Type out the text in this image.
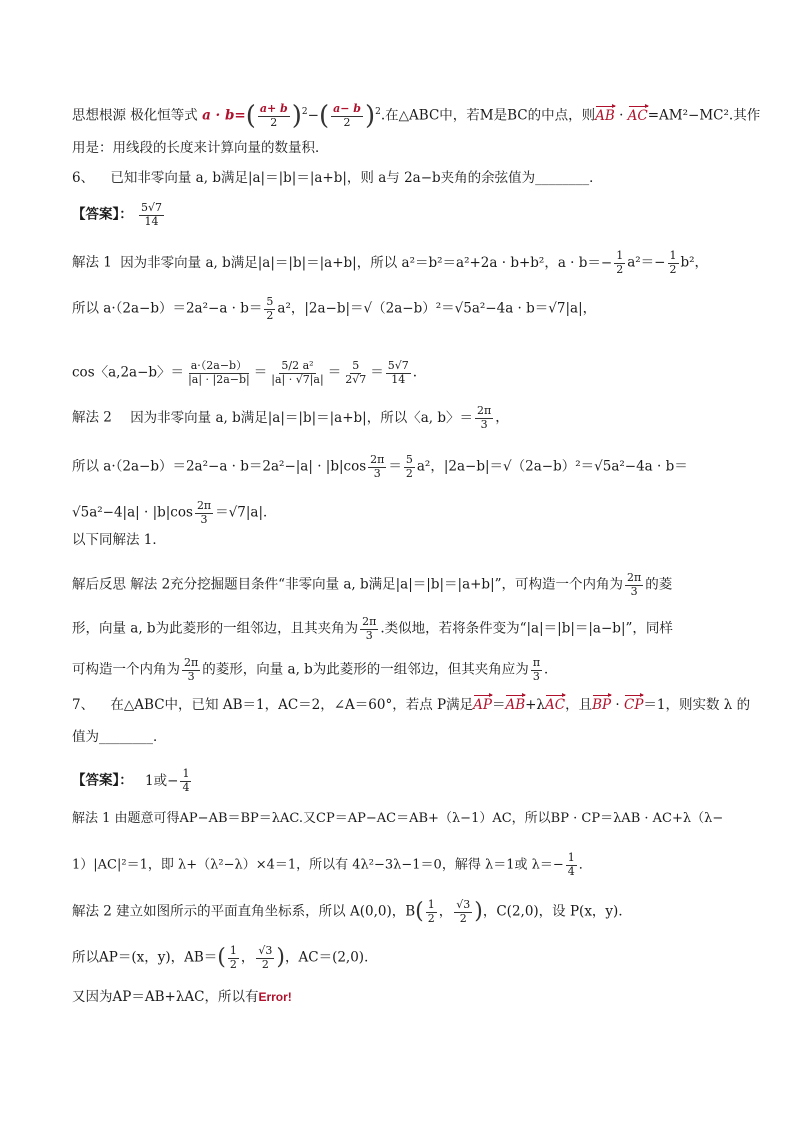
思想根源 极化恒等式 $a \cdot b=( \frac{a+ b}{2} )^2-( \frac{a- b}{2} )^2$.在△ABC中，若M是BC的中点，则AB · AC=AM²−MC².其作
用是：用线段的长度来计算向量的数量积．
6、 已知非零向量 a, b满足|a|＝|b|＝|a+b|，则 a与 2a−b夹角的余弦值为________．
【答案】： $\frac{5√7}{14}$
解法 1 因为非零向量 a, b满足|a|＝|b|＝|a+b|，所以 a²＝b²＝a²+2a · b+b²，$a \cdot b=- \frac{1}{2} a^2=- \frac{1}{2} b^2$，
所以 $a\cdot(2a-b)=2a^2-a \cdot b= \frac{5}{2} a^2$，|2a−b|＝√（2a−b）²＝√5a²−4a · b＝√7|a|，
cos〈a,2a−b〉＝ $\frac{a\cdot(2a-b)}{|a| \cdot |2a-b|} = \frac{\text{5/2 a²}}{|a| \cdot √7|a|} = \frac{5}{2√7} = \frac{5√7}{14}$ .
解法 2 因为非零向量 a, b满足|a|＝|b|＝|a+b|，所以〈a, b〉＝ $\frac{2\pi}{3}$ ，
所以 $a\cdot(2a-b)=2a^2-a \cdot b=2a^2-|a| \cdot |b|\cos \frac{2\pi}{3} = \frac{5}{2} a^2$，|2a−b|＝√（2a−b）²＝√5a²−4a · b＝
$√5a^2-4|a| \cdot |b|\cos \frac{2\pi}{3} =√7|a|$．
以下同解法 1．
解后反思 解法 2充分挖掘题目条件“非零向量 a, b满足|a|＝|b|＝|a+b|”，可构造一个内角为 $\frac{2\pi}{3}$ 的菱
形，向量 a, b为此菱形的一组邻边，且其夹角为 $\frac{2\pi}{3}$ .类似地，若将条件变为“|a|＝|b|＝|a−b|”，同样
可构造一个内角为 $\frac{2\pi}{3}$ 的菱形，向量 a, b为此菱形的一组邻边，但其夹角应为 $\frac{\pi}{3}$ ．
7、 在△ABC中，已知 AB＝1，AC＝2，∠A＝60°，若点 P满足AP＝AB+λAC，且BP · CP＝1，则实数 λ 的
值为________．
【答案】： 1或− $\frac{1}{4}$
解法 1 由题意可得AP−AB＝BP＝λAC.又CP＝AP−AC＝AB+（λ−1）AC，所以BP · CP＝λAB · AC+λ（λ−
1）|AC|²＝1，即 λ+（λ²−λ）×4＝1，所以有 4λ²−3λ−1＝0，解得 λ＝1或 $\lambda=- \frac{1}{4}$ ．
解法 2 建立如图所示的平面直角坐标系，所以 A(0,0)，$B( \frac{1}{2}$ ， $\frac{√3}{2}$ )，C(2,0)，设 P(x，y)．
所以AP＝(x，y)，$AB=( \frac{1}{2}$ ， $\frac{√3}{2}$ )，AC＝(2,0)．
又因为AP＝AB+λAC，所以有Error!
